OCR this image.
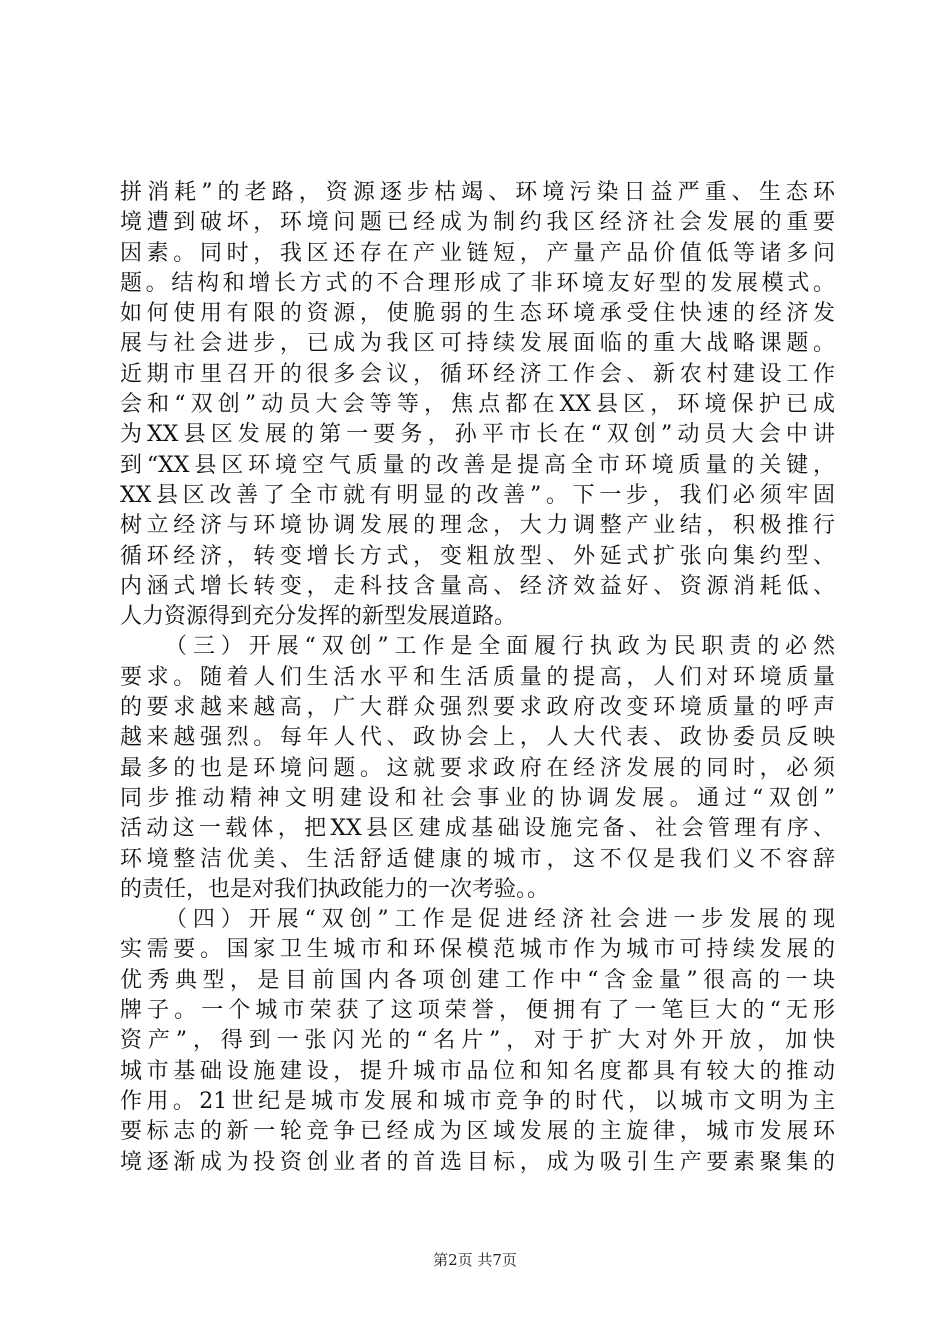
拼消耗”的老路，资源逐步枯竭、环境污染日益严重、生态环
境遭到破坏，环境问题已经成为制约我区经济社会发展的重要
因素。同时，我区还存在产业链短，产量产品价值低等诸多问
题。结构和增长方式的不合理形成了非环境友好型的发展模式。
如何使用有限的资源，使脆弱的生态环境承受住快速的经济发
展与社会进步，已成为我区可持续发展面临的重大战略课题。
近期市里召开的很多会议，循环经济工作会、新农村建设工作
会和“双创”动员大会等等，焦点都在XX县区，环境保护已成
为XX县区发展的第一要务，孙平市长在“双创”动员大会中讲
到“XX县区环境空气质量的改善是提高全市环境质量的关键，
XX县区改善了全市就有明显的改善”。下一步，我们必须牢固
树立经济与环境协调发展的理念，大力调整产业结，积极推行
循环经济，转变增长方式，变粗放型、外延式扩张向集约型、
内涵式增长转变，走科技含量高、经济效益好、资源消耗低、
人力资源得到充分发挥的新型发展道路。
（三）开展“双创”工作是全面履行执政为民职责的必然
要求。随着人们生活水平和生活质量的提高，人们对环境质量
的要求越来越高，广大群众强烈要求政府改变环境质量的呼声
越来越强烈。每年人代、政协会上，人大代表、政协委员反映
最多的也是环境问题。这就要求政府在经济发展的同时，必须
同步推动精神文明建设和社会事业的协调发展。通过“双创”
活动这一载体，把XX县区建成基础设施完备、社会管理有序、
环境整洁优美、生活舒适健康的城市，这不仅是我们义不容辞
的责任，也是对我们执政能力的一次考验。。
（四）开展“双创”工作是促进经济社会进一步发展的现
实需要。国家卫生城市和环保模范城市作为城市可持续发展的
优秀典型，是目前国内各项创建工作中“含金量”很高的一块
牌子。一个城市荣获了这项荣誉，便拥有了一笔巨大的“无形
资产”，得到一张闪光的“名片”，对于扩大对外开放，加快
城市基础设施建设，提升城市品位和知名度都具有较大的推动
作用。21世纪是城市发展和城市竞争的时代，以城市文明为主
要标志的新一轮竞争已经成为区域发展的主旋律，城市发展环
境逐渐成为投资创业者的首选目标，成为吸引生产要素聚集的
第2页 共7页
